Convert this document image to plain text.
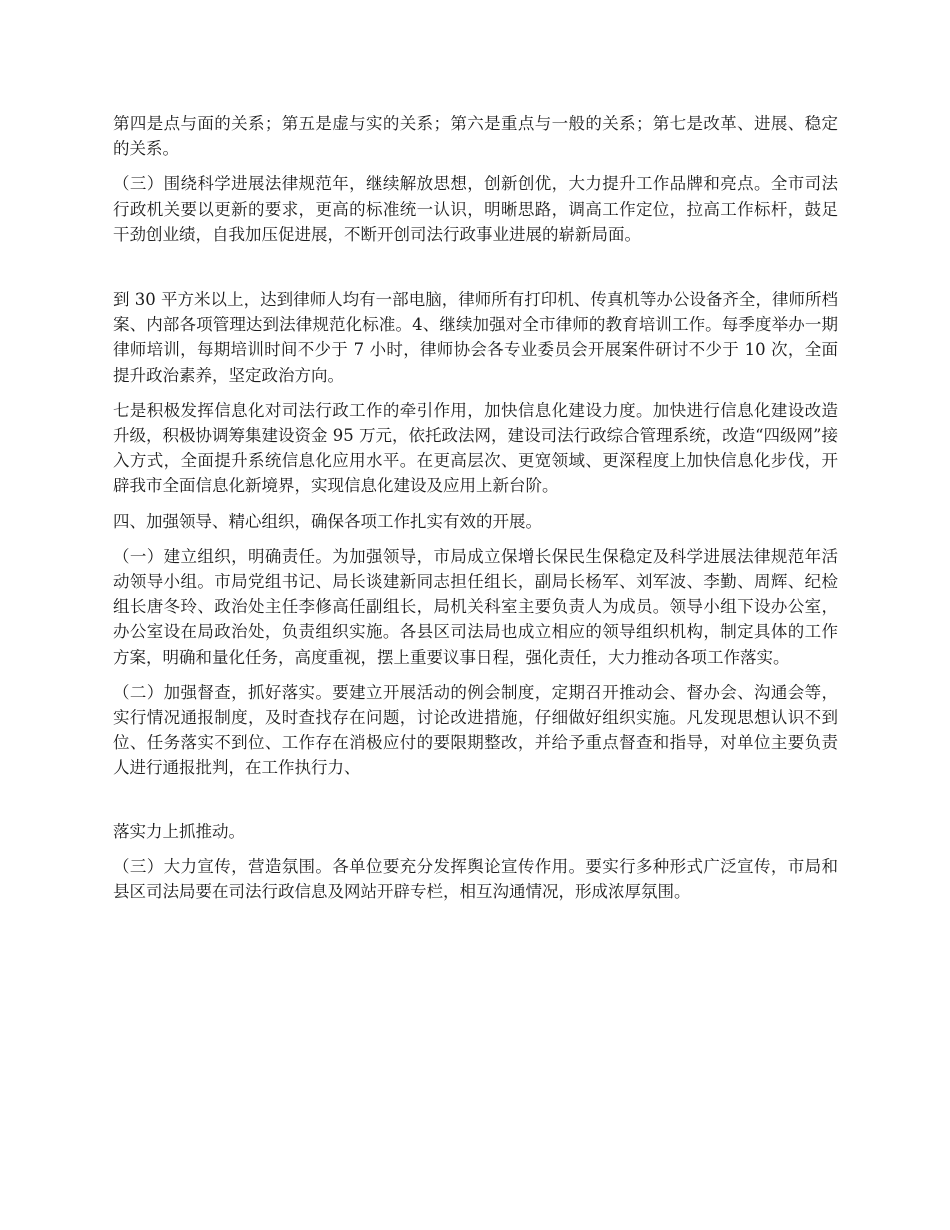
第四是点与面的关系；第五是虚与实的关系；第六是重点与一般的关系；第七是改革、进展、稳定的关系。

（三）围绕科学进展法律规范年，继续解放思想，创新创优，大力提升工作品牌和亮点。全市司法行政机关要以更新的要求，更高的标准统一认识，明晰思路，调高工作定位，拉高工作标杆，鼓足干劲创业绩，自我加压促进展，不断开创司法行政事业进展的崭新局面。

到 30 平方米以上，达到律师人均有一部电脑，律师所有打印机、传真机等办公设备齐全，律师所档案、内部各项管理达到法律规范化标准。4、继续加强对全市律师的教育培训工作。每季度举办一期律师培训，每期培训时间不少于 7 小时，律师协会各专业委员会开展案件研讨不少于 10 次，全面提升政治素养，坚定政治方向。

七是积极发挥信息化对司法行政工作的牵引作用，加快信息化建设力度。加快进行信息化建设改造升级，积极协调筹集建设资金 95 万元，依托政法网，建设司法行政综合管理系统，改造“四级网”接入方式，全面提升系统信息化应用水平。在更高层次、更宽领域、更深程度上加快信息化步伐，开辟我市全面信息化新境界，实现信息化建设及应用上新台阶。

四、加强领导、精心组织，确保各项工作扎实有效的开展。

（一）建立组织，明确责任。为加强领导，市局成立保增长保民生保稳定及科学进展法律规范年活动领导小组。市局党组书记、局长谈建新同志担任组长，副局长杨军、刘军波、李勤、周辉、纪检组长唐冬玲、政治处主任李修高任副组长，局机关科室主要负责人为成员。领导小组下设办公室，办公室设在局政治处，负责组织实施。各县区司法局也成立相应的领导组织机构，制定具体的工作方案，明确和量化任务，高度重视，摆上重要议事日程，强化责任，大力推动各项工作落实。

（二）加强督查，抓好落实。要建立开展活动的例会制度，定期召开推动会、督办会、沟通会等，实行情况通报制度，及时查找存在问题，讨论改进措施，仔细做好组织实施。凡发现思想认识不到位、任务落实不到位、工作存在消极应付的要限期整改，并给予重点督查和指导，对单位主要负责人进行通报批判，在工作执行力、

落实力上抓推动。

（三）大力宣传，营造氛围。各单位要充分发挥舆论宣传作用。要实行多种形式广泛宣传，市局和县区司法局要在司法行政信息及网站开辟专栏，相互沟通情况，形成浓厚氛围。
